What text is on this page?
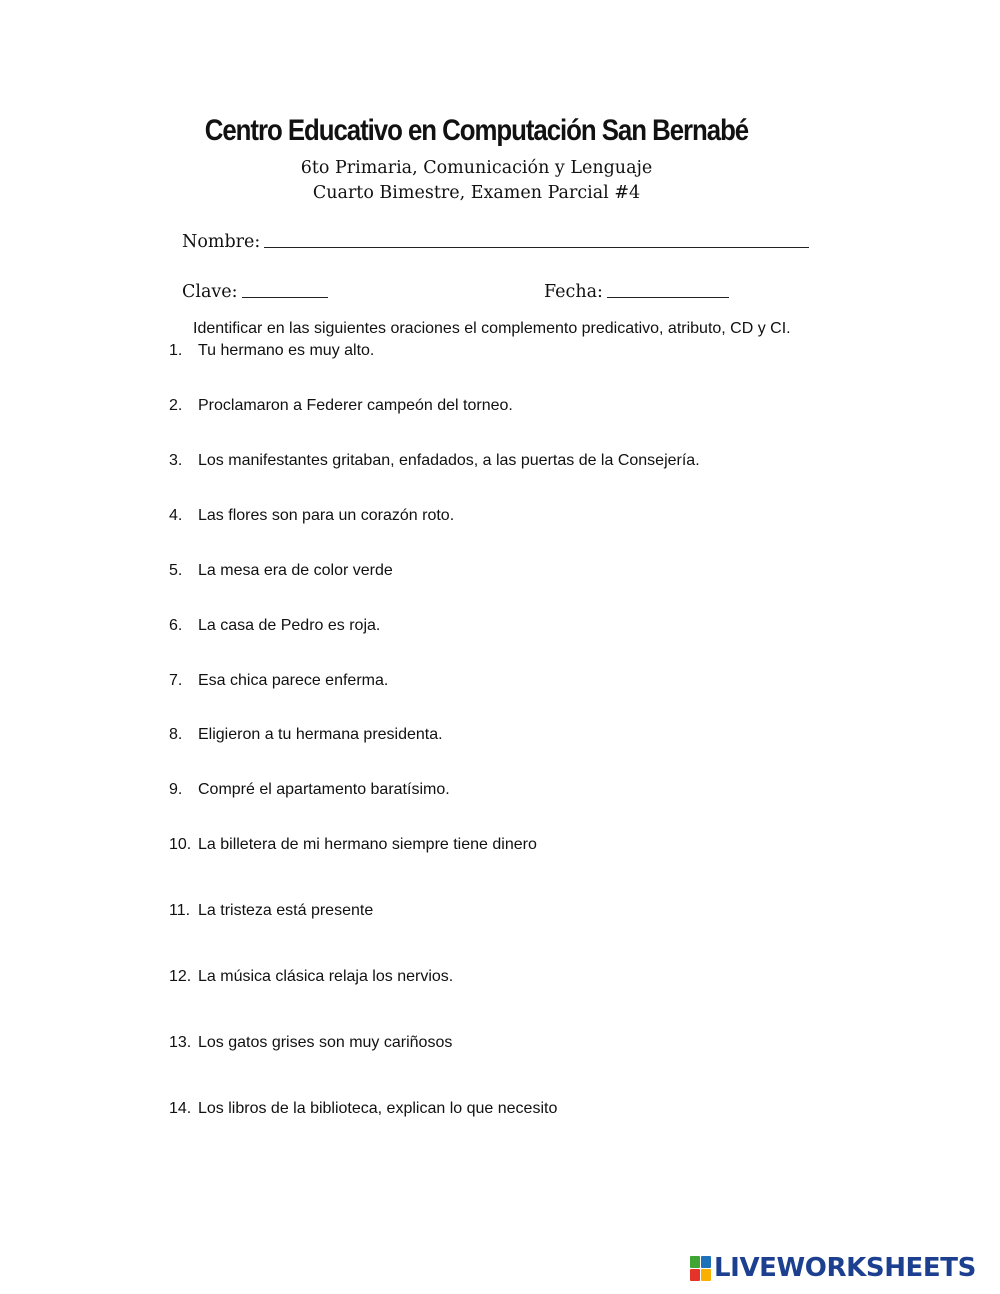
Centro Educativo en Computación San Bernabé
6to Primaria, Comunicación y Lenguaje
Cuarto Bimestre, Examen Parcial #4
Nombre:
Clave:	Fecha:
Identificar en las siguientes oraciones el complemento predicativo, atributo, CD y CI.
1. Tu hermano es muy alto.
2. Proclamaron a Federer campeón del torneo.
3. Los manifestantes gritaban, enfadados, a las puertas de la Consejería.
4. Las flores son para un corazón roto.
5. La mesa era de color verde
6. La casa de Pedro es roja.
7. Esa chica parece enferma.
8. Eligieron a tu hermana presidenta.
9. Compré el apartamento baratísimo.
10. La billetera de mi hermano siempre tiene dinero
11. La tristeza está presente
12. La música clásica relaja los nervios.
13. Los gatos grises son muy cariñosos
14. Los libros de la biblioteca, explican lo que necesito
LIVEWORKSHEETS
